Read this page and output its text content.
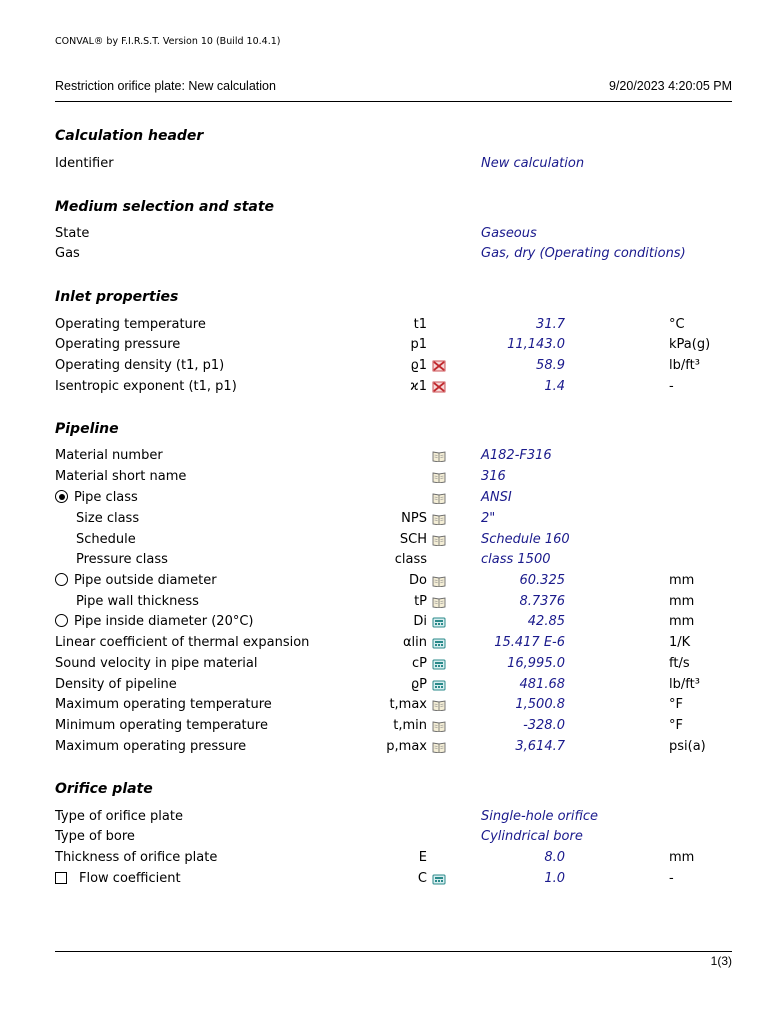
CONVAL® by F.I.R.S.T. Version 10 (Build 10.4.1)
Restriction orifice plate: New calculation	9/20/2023 4:20:05 PM
Calculation header
Identifier	New calculation
Medium selection and state
State	Gaseous
Gas	Gas, dry (Operating conditions)
Inlet properties
Operating temperature	t1	31.7	°C
Operating pressure	p1	11,143.0	kPa(g)
Operating density (t1, p1)	ϱ1	58.9	lb/ft³
Isentropic exponent (t1, p1)	ϰ1	1.4	-
Pipeline
Material number	A182-F316
Material short name	316
Pipe class	ANSI
Size class	NPS	2"
Schedule	SCH	Schedule 160
Pressure class	class	class 1500
Pipe outside diameter	Do	60.325	mm
Pipe wall thickness	tP	8.7376	mm
Pipe inside diameter (20°C)	Di	42.85	mm
Linear coefficient of thermal expansion	αlin	15.417 E-6	1/K
Sound velocity in pipe material	cP	16,995.0	ft/s
Density of pipeline	ϱP	481.68	lb/ft³
Maximum operating temperature	t,max	1,500.8	°F
Minimum operating temperature	t,min	-328.0	°F
Maximum operating pressure	p,max	3,614.7	psi(a)
Orifice plate
Type of orifice plate	Single-hole orifice
Type of bore	Cylindrical bore
Thickness of orifice plate	E	8.0	mm
Flow coefficient	C	1.0	-
1(3)
